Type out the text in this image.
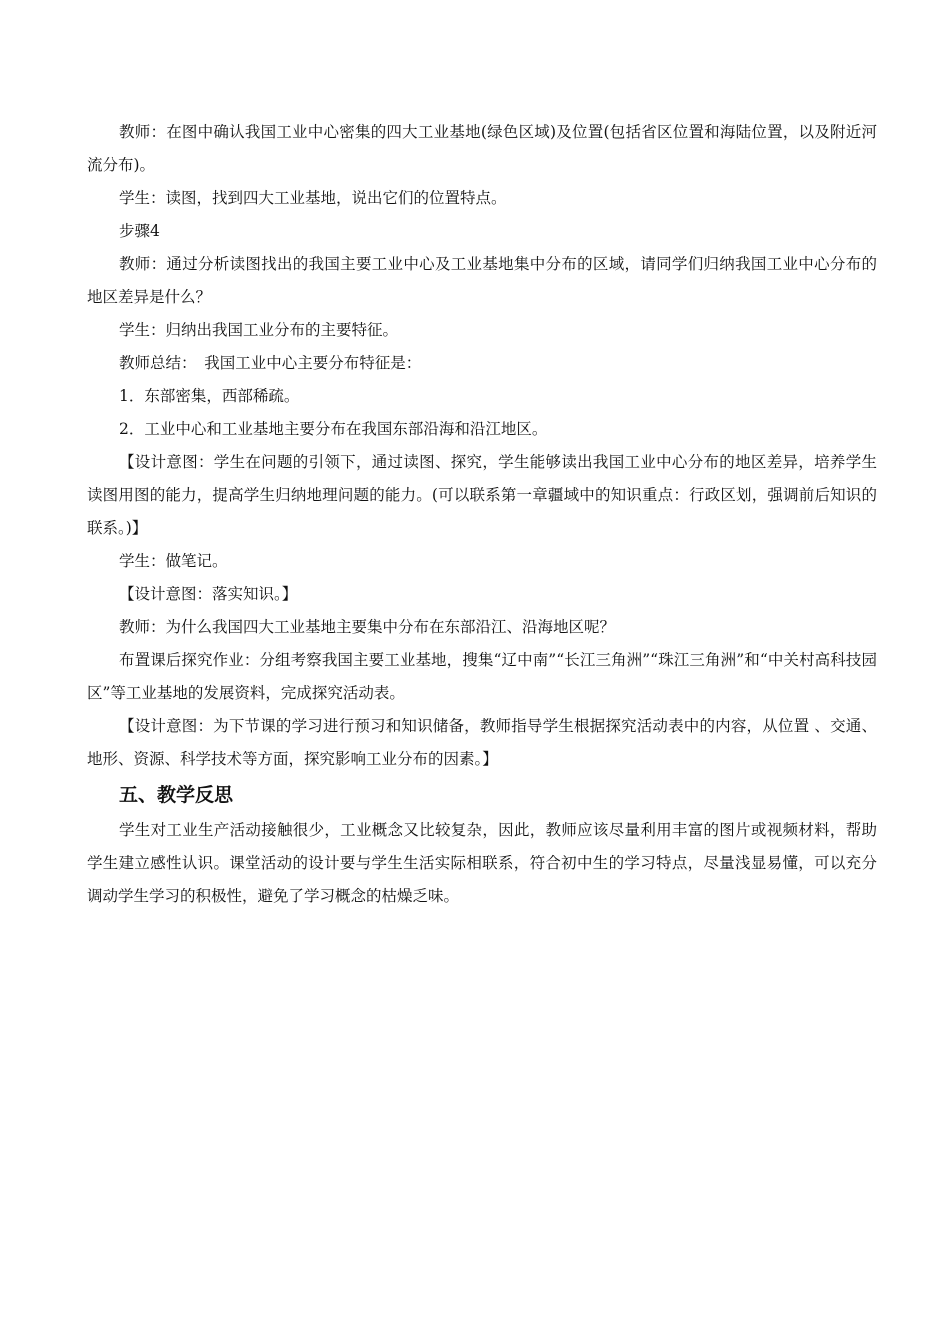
教师：在图中确认我国工业中心密集的四大工业基地(绿色区域)及位置(包括省区位置和海陆位置，以及附近河流分布)。

学生：读图，找到四大工业基地，说出它们的位置特点。

步骤4

教师：通过分析读图找出的我国主要工业中心及工业基地集中分布的区域，请同学们归纳我国工业中心分布的地区差异是什么？

学生：归纳出我国工业分布的主要特征。

教师总结：　我国工业中心主要分布特征是：

1．东部密集，西部稀疏。

2．工业中心和工业基地主要分布在我国东部沿海和沿江地区。

【设计意图：学生在问题的引领下，通过读图、探究，学生能够读出我国工业中心分布的地区差异，培养学生读图用图的能力，提高学生归纳地理问题的能力。(可以联系第一章疆域中的知识重点：行政区划，强调前后知识的联系。)】

学生：做笔记。

【设计意图：落实知识。】

教师：为什么我国四大工业基地主要集中分布在东部沿江、沿海地区呢？

布置课后探究作业：分组考察我国主要工业基地，搜集“辽中南”“长江三角洲”“珠江三角洲”和“中关村高科技园区”等工业基地的发展资料，完成探究活动表。

【设计意图：为下节课的学习进行预习和知识储备，教师指导学生根据探究活动表中的内容，从位置 、交通、地形、资源、科学技术等方面，探究影响工业分布的因素。】

五、教学反思

学生对工业生产活动接触很少，工业概念又比较复杂，因此，教师应该尽量利用丰富的图片或视频材料，帮助学生建立感性认识。课堂活动的设计要与学生生活实际相联系，符合初中生的学习特点，尽量浅显易懂，可以充分调动学生学习的积极性，避免了学习概念的枯燥乏味。
